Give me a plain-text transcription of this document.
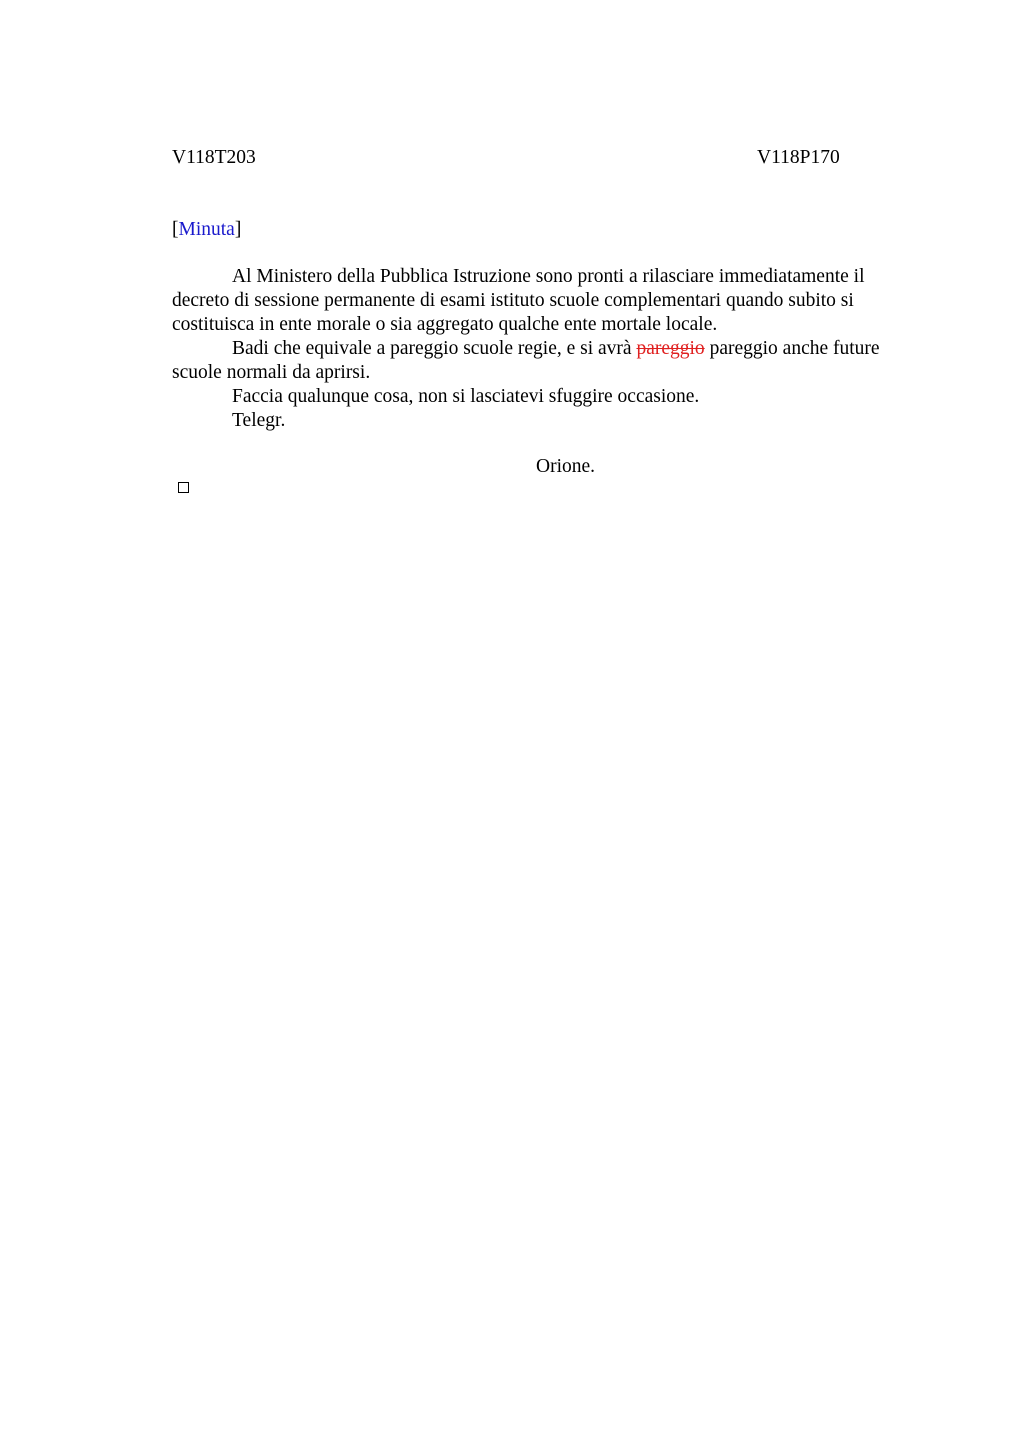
V118T203	V118P170
[Minuta]

Al Ministero della Pubblica Istruzione sono pronti a rilasciare immediatamente il decreto di sessione permanente di esami istituto scuole complementari quando subito si costituisca in ente morale o sia aggregato qualche ente mortale locale.

Badi che equivale a pareggio scuole regie, e si avrà pareggio pareggio anche future scuole normali da aprirsi.

Faccia qualunque cosa, non si lasciatevi sfuggire occasione.

Telegr.

Orione.
